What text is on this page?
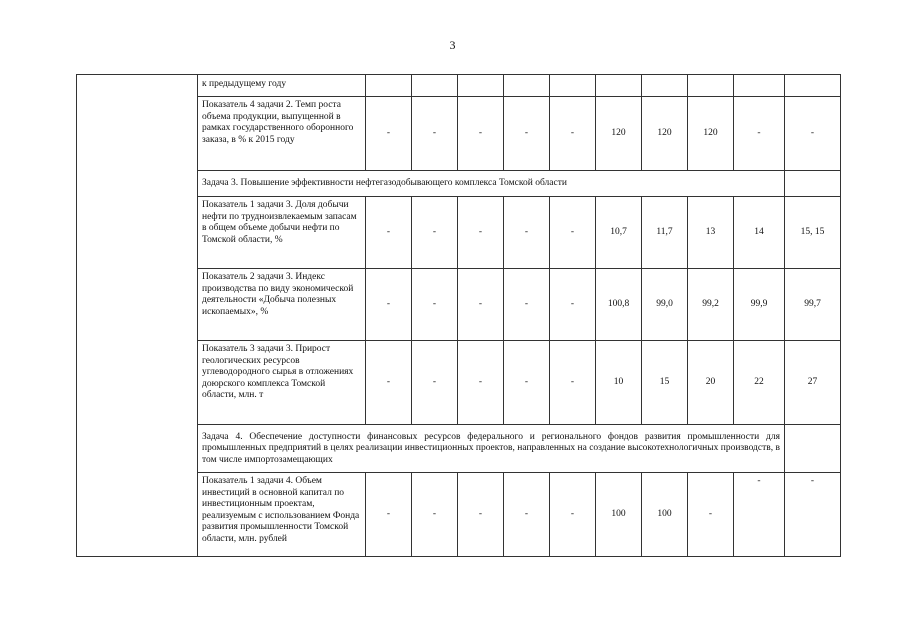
3
	к предыдущему году										
	Показатель 4 задачи 2. Темп роста объема продукции, выпущенной в рамках государственного оборонного заказа, в % к 2015 году	-	-	-	-	-	120	120	120	-	-
	Задача 3. Повышение эффективности нефтегазодобывающего комплекса Томской области										
	Показатель 1 задачи 3. Доля добычи нефти по трудноизвлекаемым запасам в общем объеме добычи нефти по Томской области, %	-	-	-	-	-	10,7	11,7	13	14	15, 15
	Показатель 2 задачи 3. Индекс производства по виду экономической деятельности «Добыча полезных ископаемых», %	-	-	-	-	-	100,8	99,0	99,2	99,9	99,7
	Показатель 3 задачи 3. Прирост геологических ресурсов углеводородного сырья в отложениях доюрского комплекса Томской области, млн. т	-	-	-	-	-	10	15	20	22	27
	Задача 4. Обеспечение доступности финансовых ресурсов федерального и регионального фондов развития промышленности для промышленных предприятий в целях реализации инвестиционных проектов, направленных на создание высокотехнологичных производств, в том числе импортозамещающих										
	Показатель 1 задачи 4. Объем инвестиций в основной капитал по инвестиционным проектам, реализуемым с использованием Фонда развития промышленности Томской области, млн. рублей	-	-	-	-	-	100	100	-	-	-
